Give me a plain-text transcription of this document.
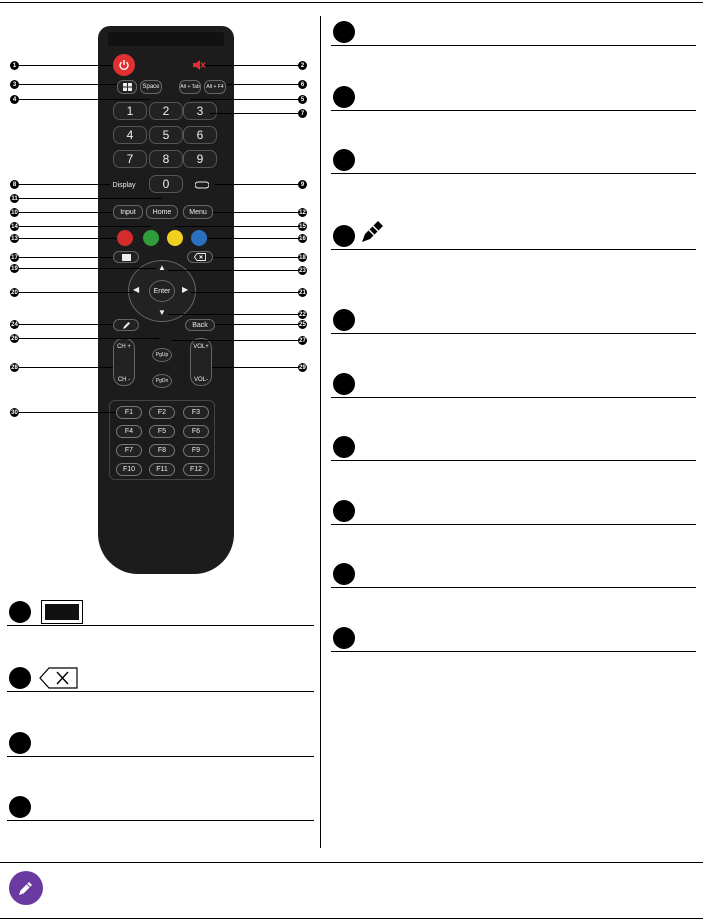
Space	Alt + Tab	Alt + F4
1	2	3
4	5	6
7	8	9
0
Display
Input	Home	Menu
▲
▼
◀	▶
Enter
Back
CH +
CH -
PgUp
PgDn
VOL+
VOL-
F1	F2	F3
F4	F5	F6
F7	F8	F9
F10	F11	F12
1	2
3
4
6
5
7
8	9
11
10	12
14	15
13	16
17	18
19	23
20	21
22
24	25
26	27
28	29
30
